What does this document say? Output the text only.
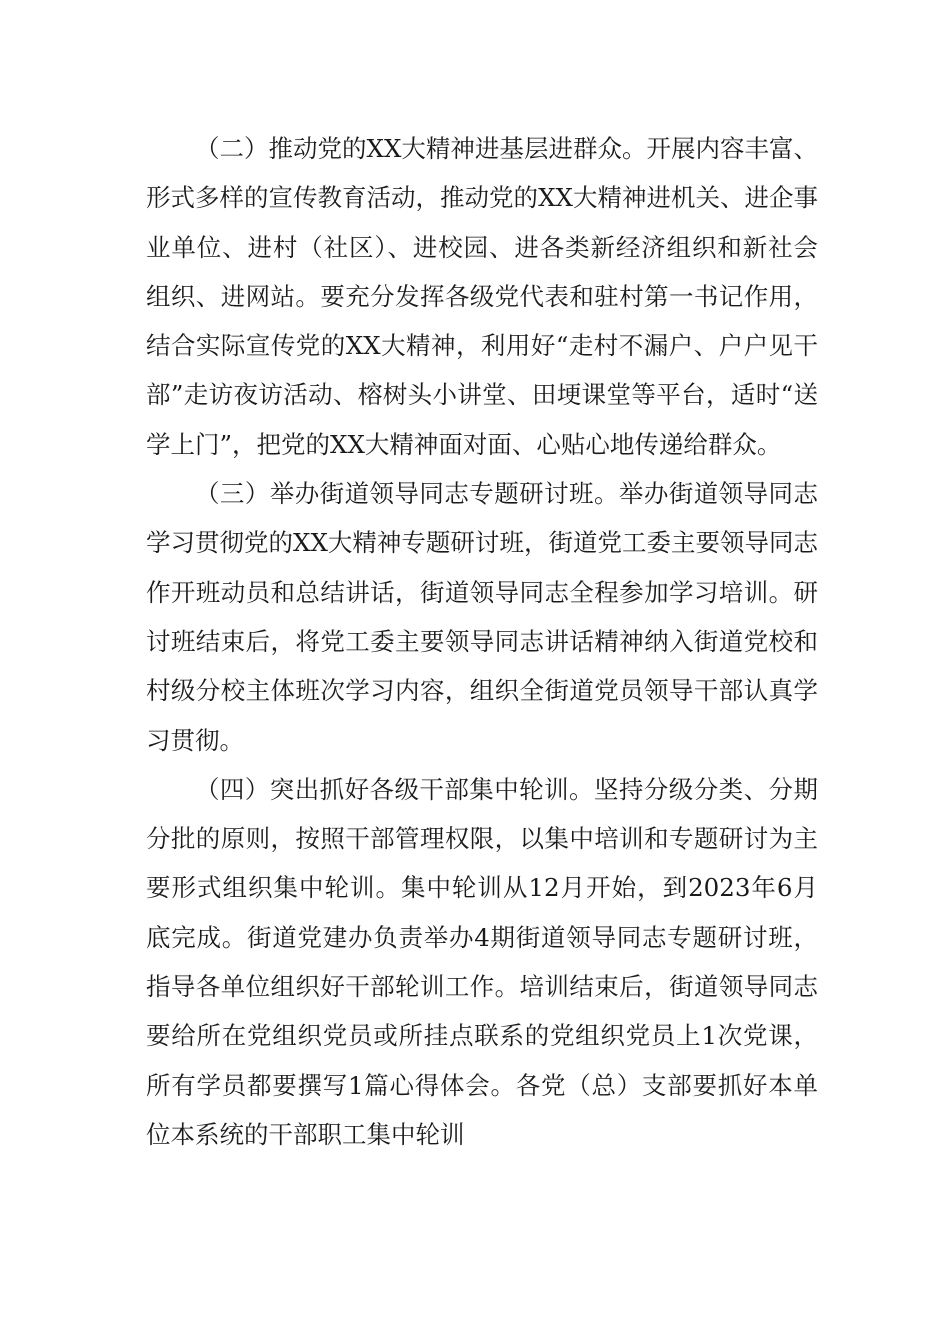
（二）推动党的XX大精神进基层进群众。开展内容丰富、形式多样的宣传教育活动，推动党的XX大精神进机关、进企事业单位、进村（社区）、进校园、进各类新经济组织和新社会组织、进网站。要充分发挥各级党代表和驻村第一书记作用，结合实际宣传党的XX大精神，利用好“走村不漏户、户户见干部”走访夜访活动、榕树头小讲堂、田埂课堂等平台，适时“送学上门”，把党的XX大精神面对面、心贴心地传递给群众。

（三）举办街道领导同志专题研讨班。举办街道领导同志学习贯彻党的XX大精神专题研讨班，街道党工委主要领导同志作开班动员和总结讲话，街道领导同志全程参加学习培训。研讨班结束后，将党工委主要领导同志讲话精神纳入街道党校和村级分校主体班次学习内容，组织全街道党员领导干部认真学习贯彻。

（四）突出抓好各级干部集中轮训。坚持分级分类、分期分批的原则，按照干部管理权限，以集中培训和专题研讨为主要形式组织集中轮训。集中轮训从12月开始，到2023年6月底完成。街道党建办负责举办4期街道领导同志专题研讨班，指导各单位组织好干部轮训工作。培训结束后，街道领导同志要给所在党组织党员或所挂点联系的党组织党员上1次党课，所有学员都要撰写1篇心得体会。各党（总）支部要抓好本单位本系统的干部职工集中轮训
